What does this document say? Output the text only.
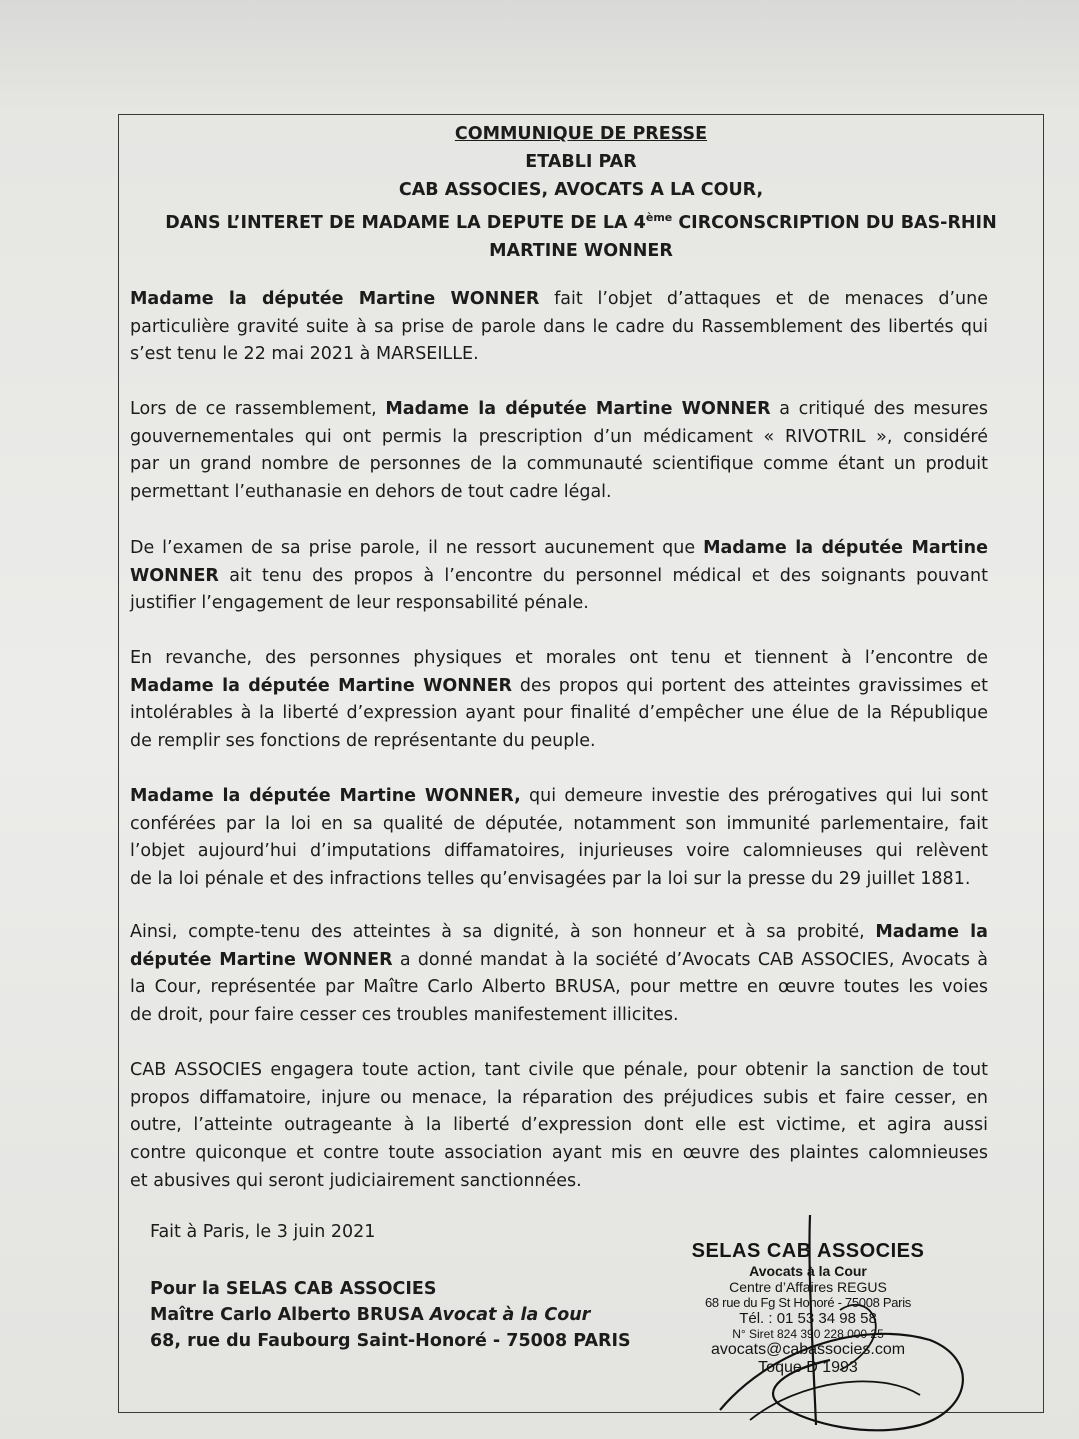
COMMUNIQUE DE PRESSE
ETABLI PAR
CAB ASSOCIES, AVOCATS A LA COUR,
DANS L’INTERET DE MADAME LA DEPUTE DE LA 4ème CIRCONSCRIPTION DU BAS-RHIN
MARTINE WONNER
Madame la députée Martine WONNER fait l’objet d’attaques et de menaces d’une
particulière gravité suite à sa prise de parole dans le cadre du Rassemblement des libertés qui
s’est tenu le 22 mai 2021 à MARSEILLE.
Lors de ce rassemblement, Madame la députée Martine WONNER a critiqué des mesures
gouvernementales qui ont permis la prescription d’un médicament « RIVOTRIL », considéré
par un grand nombre de personnes de la communauté scientifique comme étant un produit
permettant l’euthanasie en dehors de tout cadre légal.
De l’examen de sa prise parole, il ne ressort aucunement que Madame la députée Martine
WONNER ait tenu des propos à l’encontre du personnel médical et des soignants pouvant
justifier l’engagement de leur responsabilité pénale.
En revanche, des personnes physiques et morales ont tenu et tiennent à l’encontre de
Madame la députée Martine WONNER des propos qui portent des atteintes gravissimes et
intolérables à la liberté d’expression ayant pour finalité d’empêcher une élue de la République
de remplir ses fonctions de représentante du peuple.
Madame la députée Martine WONNER, qui demeure investie des prérogatives qui lui sont
conférées par la loi en sa qualité de députée, notamment son immunité parlementaire, fait
l’objet aujourd’hui d’imputations diffamatoires, injurieuses voire calomnieuses qui relèvent
de la loi pénale et des infractions telles qu’envisagées par la loi sur la presse du 29 juillet 1881.
Ainsi, compte-tenu des atteintes à sa dignité, à son honneur et à sa probité, Madame la
députée Martine WONNER a donné mandat à la société d’Avocats CAB ASSOCIES, Avocats à
la Cour, représentée par Maître Carlo Alberto BRUSA, pour mettre en œuvre toutes les voies
de droit, pour faire cesser ces troubles manifestement illicites.
CAB ASSOCIES engagera toute action, tant civile que pénale, pour obtenir la sanction de tout
propos diffamatoire, injure ou menace, la réparation des préjudices subis et faire cesser, en
outre, l’atteinte outrageante à la liberté d’expression dont elle est victime, et agira aussi
contre quiconque et contre toute association ayant mis en œuvre des plaintes calomnieuses
et abusives qui seront judiciairement sanctionnées.
Fait à Paris, le 3 juin 2021
Pour la SELAS CAB ASSOCIES
Maître Carlo Alberto BRUSA Avocat à la Cour
68, rue du Faubourg Saint-Honoré - 75008 PARIS
SELAS CAB ASSOCIES
Avocats à la Cour
Centre d’Affaires REGUS
68 rue du Fg St Honoré - 75008 Paris
Tél. : 01 53 34 98 58
N° Siret 824 390 228 000 25
avocats@cabassocies.com
Toque D 1993
